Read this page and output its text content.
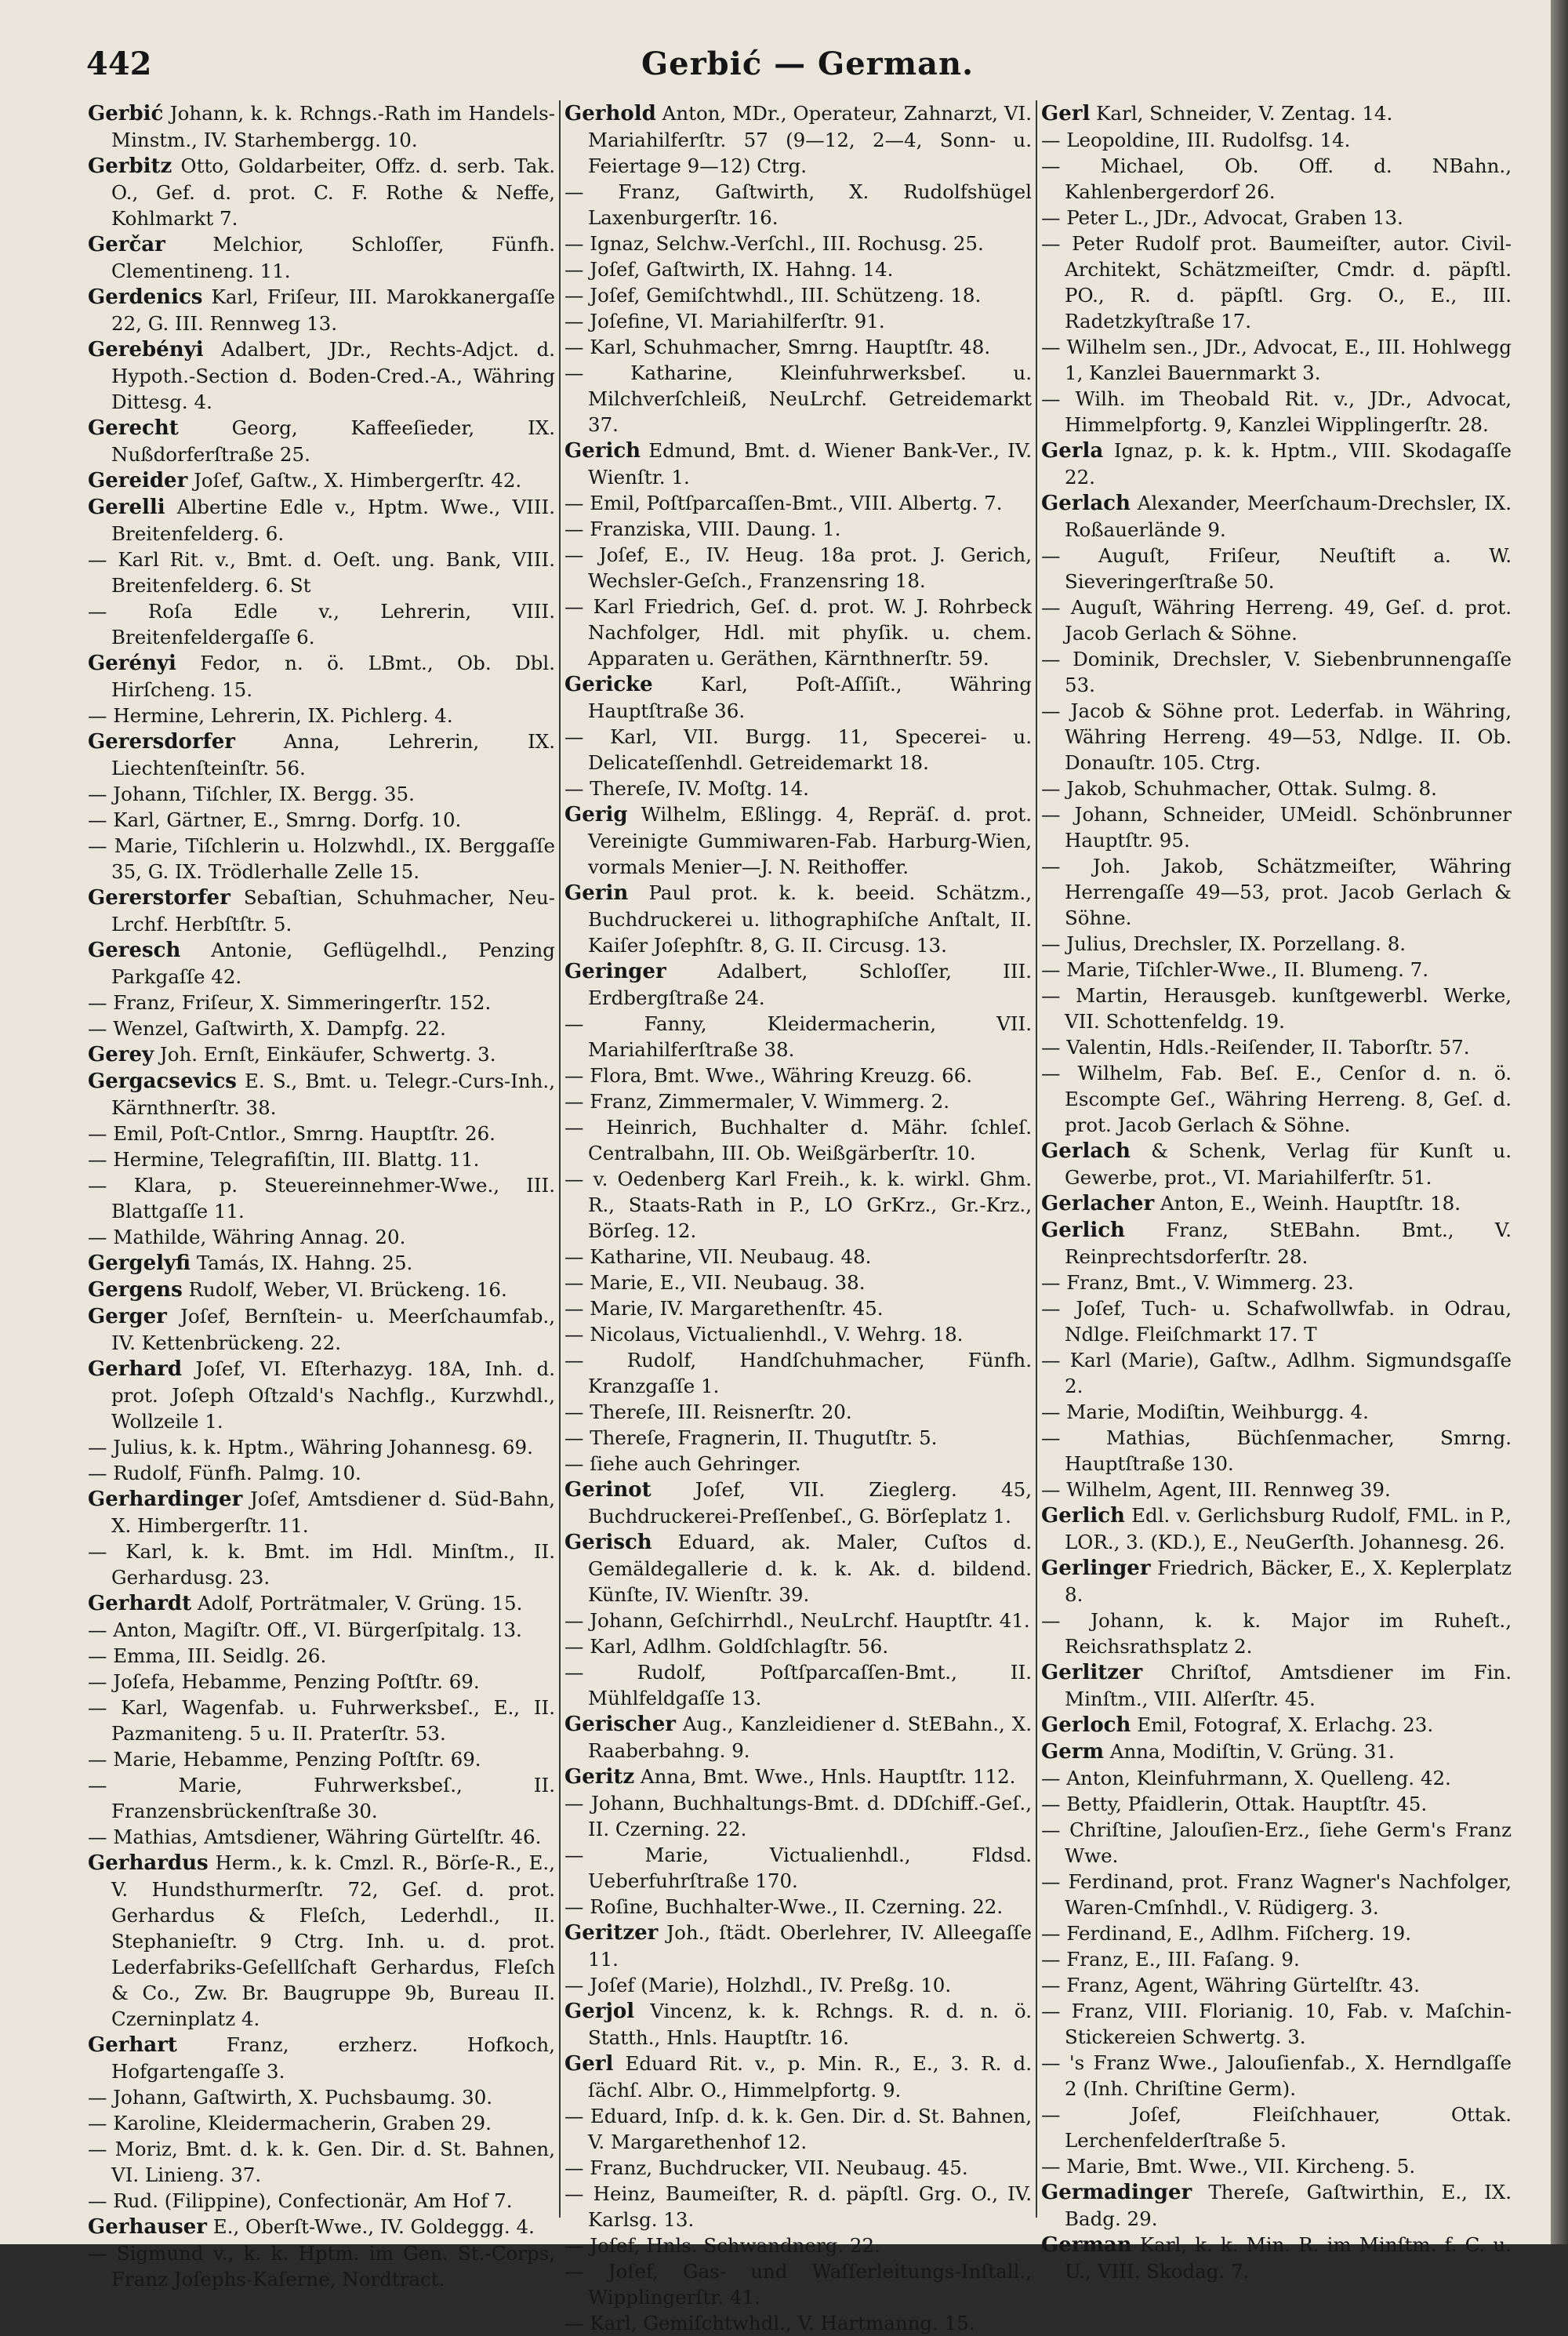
442	Gerbić — German.

Gerbić Johann, k. k. Rchngs.-Rath im Handels-Minstm., IV. Starhembergg. 10.

Gerbitz Otto, Goldarbeiter, Offz. d. serb. Tak. O., Gef. d. prot. C. F. Rothe & Neffe, Kohlmarkt 7.

Gerčar Melchior, Schloſſer, Fünfh. Clementineng. 11.

Gerdenics Karl, Friſeur, III. Marokkanergaſſe 22, G. III. Rennweg 13.

Gerebényi Adalbert, JDr., Rechts-Adjct. d. Hypoth.-Section d. Boden-Cred.-A., Währing Ditteѕg. 4.

Gerecht Georg, Kaffeeſieder, IX. Nußdorferſtraße 25.

Gereider Joſef, Gaſtw., X. Himbergerſtr. 42.

Gerelli Albertine Edle v., Hptm. Wwe., VIII. Breitenfelderg. 6.

— Karl Rit. v., Bmt. d. Oeſt. ung. Bank, VIII. Breitenfelderg. 6. St

— Roſa Edle v., Lehrerin, VIII. Breitenfeldergaſſe 6.

Gerényi Fedor, n. ö. LBmt., Ob. Dbl. Hirſcheng. 15.

— Hermine, Lehrerin, IX. Pichlerg. 4.

Gerersdorfer Anna, Lehrerin, IX. Liechtenſteinſtr. 56.

— Johann, Tiſchler, IX. Bergg. 35.

— Karl, Gärtner, E., Smrng. Dorfg. 10.

— Marie, Tiſchlerin u. Holzwhdl., IX. Berggaſſe 35, G. IX. Trödlerhalle Zelle 15.

Gererstorfer Sebaſtian, Schuhmacher, Neu-Lrchf. Herbſtſtr. 5.

Geresch Antonie, Geflügelhdl., Penzing Parkgaſſe 42.

— Franz, Friſeur, X. Simmeringerſtr. 152.

— Wenzel, Gaſtwirth, X. Dampfg. 22.

Gerey Joh. Ernſt, Einkäufer, Schwertg. 3.

Gergacsevics E. S., Bmt. u. Telegr.-Curs-Inh., Kärnthnerſtr. 38.

— Emil, Poſt-Cntlor., Smrng. Hauptſtr. 26.

— Hermine, Telegrafiſtin, III. Blattg. 11.

— Klara, p. Steuereinnehmer-Wwe., III. Blattgaſſe 11.

— Mathilde, Währing Annag. 20.

Gergelyfi Tamás, IX. Hahng. 25.

Gergens Rudolf, Weber, VI. Brückeng. 16.

Gerger Joſef, Bernſtein- u. Meerſchaumfab., IV. Kettenbrückeng. 22.

Gerhard Joſef, VI. Eſterhazyg. 18A, Inh. d. prot. Joſeph Oſtzald's Nachflg., Kurzwhdl., Wollzeile 1.

— Julius, k. k. Hptm., Währing Johannesg. 69.

— Rudolf, Fünfh. Palmg. 10.

Gerhardinger Joſef, Amtsdiener d. Süd-Bahn, X. Himbergerſtr. 11.

— Karl, k. k. Bmt. im Hdl. Minſtm., II. Gerhardusg. 23.

Gerhardt Adolf, Porträtmaler, V. Grüng. 15.

— Anton, Magiſtr. Off., VI. Bürgerſpitalg. 13.

— Emma, III. Seidlg. 26.

— Joſefa, Hebamme, Penzing Poſtſtr. 69.

— Karl, Wagenfab. u. Fuhrwerksbeſ., E., II. Pazmaniteng. 5 u. II. Praterſtr. 53.

— Marie, Hebamme, Penzing Poſtſtr. 69.

— Marie, Fuhrwerksbeſ., II. Franzensbrückenſtraße 30.

— Mathias, Amtsdiener, Währing Gürtelſtr. 46.

Gerhardus Herm., k. k. Cmzl. R., Börſe-R., E., V. Hundsthurmerſtr. 72, Geſ. d. prot. Gerhardus & Fleſch, Lederhdl., II. Stephanieſtr. 9 Ctrg. Inh. u. d. prot. Lederfabriks-Geſellſchaft Gerhardus, Fleſch & Co., Zw. Br. Baugruppe 9b, Bureau II. Czerninplatz 4.

Gerhart Franz, erzherz. Hofkoch, Hofgartengaſſe 3.

— Johann, Gaſtwirth, X. Puchsbaumg. 30.

— Karoline, Kleidermacherin, Graben 29.

— Moriz, Bmt. d. k. k. Gen. Dir. d. St. Bahnen, VI. Linieng. 37.

— Rud. (Filippine), Confectionär, Am Hof 7.

Gerhauser E., Oberſt-Wwe., IV. Goldeggg. 4.

— Sigmund v., k. k. Hptm. im Gen. St.-Corps, Franz Joſephs-Kaſerne, Nordtract.

Gerhold Anton, MDr., Operateur, Zahnarzt, VI. Mariahilferſtr. 57 (9—12, 2—4, Sonn- u. Feiertage 9—12) Ctrg.

— Franz, Gaſtwirth, X. Rudolfshügel Laxenburgerſtr. 16.

— Ignaz, Selchw.-Verſchl., III. Rochusg. 25.

— Joſef, Gaſtwirth, IX. Hahng. 14.

— Joſef, Gemiſchtwhdl., III. Schützeng. 18.

— Joſefine, VI. Mariahilferſtr. 91.

— Karl, Schuhmacher, Smrng. Hauptſtr. 48.

— Katharine, Kleinfuhrwerksbeſ. u. Milchverſchleiß, NeuLrchf. Getreidemarkt 37.

Gerich Edmund, Bmt. d. Wiener Bank-Ver., IV. Wienſtr. 1.

— Emil, Poſtſparcaſſen-Bmt., VIII. Albertg. 7.

— Franziska, VIII. Daung. 1.

— Joſef, E., IV. Heug. 18a prot. J. Gerich, Wechsler-Geſch., Franzensring 18.

— Karl Friedrich, Geſ. d. prot. W. J. Rohrbeck Nachfolger, Hdl. mit phyſik. u. chem. Apparaten u. Geräthen, Kärnthnerſtr. 59.

Gericke Karl, Poſt-Aſſiſt., Währing Hauptſtraße 36.

— Karl, VII. Burgg. 11, Specerei- u. Delicateſſenhdl. Getreidemarkt 18.

— Thereſe, IV. Moſtg. 14.

Gerig Wilhelm, Eßlingg. 4, Repräſ. d. prot. Vereinigte Gummiwaren-Fab. Harburg-Wien, vormals Menier—J. N. Reithoffer.

Gerin Paul prot. k. k. beeid. Schätzm., Buchdruckerei u. lithographiſche Anſtalt, II. Kaiſer Joſephſtr. 8, G. II. Circusg. 13.

Geringer Adalbert, Schloſſer, III. Erdbergſtraße 24.

— Fanny, Kleidermacherin, VII. Mariahilferſtraße 38.

— Flora, Bmt. Wwe., Währing Kreuzg. 66.

— Franz, Zimmermaler, V. Wimmerg. 2.

— Heinrich, Buchhalter d. Mähr. ſchleſ. Centralbahn, III. Ob. Weißgärberſtr. 10.

— v. Oedenberg Karl Freih., k. k. wirkl. Ghm. R., Staats-Rath in P., LO GrKrz., Gr.-Krz., Börſeg. 12.

— Katharine, VII. Neubaug. 48.

— Marie, E., VII. Neubaug. 38.

— Marie, IV. Margarethenſtr. 45.

— Nicolaus, Victualienhdl., V. Wehrg. 18.

— Rudolf, Handſchuhmacher, Fünfh. Kranzgaſſe 1.

— Thereſe, III. Reisnerſtr. 20.

— Thereſe, Fragnerin, II. Thugutſtr. 5.

— ſiehe auch Gehringer.

Gerinot Joſef, VII. Zieglerg. 45, Buchdruckerei-Preſſenbeſ., G. Börſeplatz 1.

Gerisch Eduard, ak. Maler, Cuſtos d. Gemäldegallerie d. k. k. Ak. d. bildend. Künſte, IV. Wienſtr. 39.

— Johann, Geſchirrhdl., NeuLrchf. Hauptſtr. 41.

— Karl, Adlhm. Goldſchlagſtr. 56.

— Rudolf, Poſtſparcaſſen-Bmt., II. Mühlfeldgaſſe 13.

Gerischer Aug., Kanzleidiener d. StEBahn., X. Raaberbahng. 9.

Geritz Anna, Bmt. Wwe., Hnls. Hauptſtr. 112.

— Johann, Buchhaltungs-Bmt. d. DDſchiff.-Geſ., II. Czerning. 22.

— Marie, Victualienhdl., Fldsd. Ueberfuhrſtraße 170.

— Roſine, Buchhalter-Wwe., II. Czerning. 22.

Geritzer Joh., ſtädt. Oberlehrer, IV. Alleegaſſe 11.

— Joſef (Marie), Holzhdl., IV. Preßg. 10.

Gerjol Vincenz, k. k. Rchngs. R. d. n. ö. Statth., Hnls. Hauptſtr. 16.

Gerl Eduard Rit. v., p. Min. R., E., 3. R. d. ſächſ. Albr. O., Himmelpfortg. 9.

— Eduard, Inſp. d. k. k. Gen. Dir. d. St. Bahnen, V. Margarethenhof 12.

— Franz, Buchdrucker, VII. Neubaug. 45.

— Heinz, Baumeiſter, R. d. päpſtl. Grg. O., IV. Karlsg. 13.

— Joſef, Hnls. Schwandnerg. 22.

— Joſef, Gas- und Waſſerleitungs-Inſtall., Wipplingerſtr. 41.

— Karl, Gemiſchtwhdl., V. Hartmanng. 15.

Gerl Karl, Schneider, V. Zentag. 14.

— Leopoldine, III. Rudolfsg. 14.

— Michael, Ob. Off. d. NBahn., Kahlenbergerdorf 26.

— Peter L., JDr., Advocat, Graben 13.

— Peter Rudolf prot. Baumeiſter, autor. Civil-Architekt, Schätzmeiſter, Cmdr. d. päpſtl. PO., R. d. päpſtl. Grg. O., E., III. Radetzkyſtraße 17.

— Wilhelm sen., JDr., Advocat, E., III. Hohlwegg 1, Kanzlei Bauernmarkt 3.

— Wilh. im Theobald Rit. v., JDr., Advocat, Himmelpfortg. 9, Kanzlei Wipplingerſtr. 28.

Gerla Ignaz, p. k. k. Hptm., VIII. Skodagaſſe 22.

Gerlach Alexander, Meerſchaum-Drechsler, IX. Roßauerlände 9.

— Auguſt, Friſeur, Neuſtift a. W. Sieveringerſtraße 50.

— Auguſt, Währing Herreng. 49, Geſ. d. prot. Jacob Gerlach & Söhne.

— Dominik, Drechsler, V. Siebenbrunnengaſſe 53.

— Jacob & Söhne prot. Lederfab. in Währing, Währing Herreng. 49—53, Ndlge. II. Ob. Donauſtr. 105. Ctrg.

— Jakob, Schuhmacher, Ottak. Sulmg. 8.

— Johann, Schneider, UMeidl. Schönbrunner Hauptſtr. 95.

— Joh. Jakob, Schätzmeiſter, Währing Herrengaſſe 49—53, prot. Jacob Gerlach & Söhne.

— Julius, Drechsler, IX. Porzellang. 8.

— Marie, Tiſchler-Wwe., II. Blumeng. 7.

— Martin, Herausgeb. kunſtgewerbl. Werke, VII. Schottenfeldg. 19.

— Valentin, Hdls.-Reiſender, II. Taborſtr. 57.

— Wilhelm, Fab. Beſ. E., Cenſor d. n. ö. Escompte Geſ., Währing Herreng. 8, Geſ. d. prot. Jacob Gerlach & Söhne.

Gerlach & Schenk, Verlag für Kunſt u. Gewerbe, prot., VI. Mariahilferſtr. 51.

Gerlacher Anton, E., Weinh. Hauptſtr. 18.

Gerlich Franz, StEBahn. Bmt., V. Reinprechtsdorferſtr. 28.

— Franz, Bmt., V. Wimmerg. 23.

— Joſef, Tuch- u. Schafwollwfab. in Odrau, Ndlge. Fleiſchmarkt 17. T

— Karl (Marie), Gaſtw., Adlhm. Sigmundsgaſſe 2.

— Marie, Modiſtin, Weihburgg. 4.

— Mathias, Büchſenmacher, Smrng. Hauptſtraße 130.

— Wilhelm, Agent, III. Rennweg 39.

Gerlich Edl. v. Gerlichsburg Rudolf, FML. in P., LOR., 3. (KD.), E., NeuGerſth. Johannesg. 26.

Gerlinger Friedrich, Bäcker, E., X. Keplerplatz 8.

— Johann, k. k. Major im Ruheſt., Reichsrathsplatz 2.

Gerlitzer Chriſtof, Amtsdiener im Fin. Minſtm., VIII. Alſerſtr. 45.

Gerloch Emil, Fotograf, X. Erlachg. 23.

Germ Anna, Modiſtin, V. Grüng. 31.

— Anton, Kleinfuhrmann, X. Quelleng. 42.

— Betty, Pfaidlerin, Ottak. Hauptſtr. 45.

— Chriſtine, Jalouſien-Erz., ſiehe Germ's Franz Wwe.

— Ferdinand, prot. Franz Wagner's Nachfolger, Waren-Cmſnhdl., V. Rüdigerg. 3.

— Ferdinand, E., Adlhm. Fiſcherg. 19.

— Franz, E., III. Faſang. 9.

— Franz, Agent, Währing Gürtelſtr. 43.

— Franz, VIII. Florianig. 10, Fab. v. Maſchin-Stickereien Schwertg. 3.

— 's Franz Wwe., Jalouſienfab., X. Herndlgaſſe 2 (Inh. Chriſtine Germ).

— Joſef, Fleiſchhauer, Ottak. Lerchenfelderſtraße 5.

— Marie, Bmt. Wwe., VII. Kircheng. 5.

Germadinger Thereſe, Gaſtwirthin, E., IX. Badg. 29.

German Karl, k. k. Min. R. im Minſtm. f. C. u. U., VIII. Skodag. 7.
